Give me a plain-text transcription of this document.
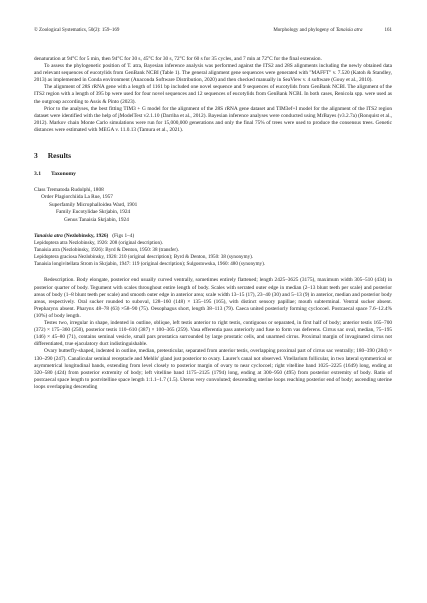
© Zoological Systematics, 50(2): 159–169	Morphology and phylogeny of Tanaisia atra	161

denaturation at 94°C for 5 min, then 94°C for 30 s, 45°C for 30 s, 72°C for 60 s for 35 cycles, and 7 min at 72°C for the final extension.

To assess the phylogenetic position of T. atra, Bayesian inference analysis was performed against the ITS2 and 28S alignments including the newly obtained data and relevant sequences of eucotylids from GenBank NCBI (Table 1). The general alignment gene sequences were generated with "MAFFT" v. 7.520 (Katoh & Standley, 2013) as implemented in Conda environment (Anaconda Software Distribution, 2020) and then checked manually in SeaView v. 4 software (Gouy et al., 2010).

The alignment of 28S rRNA gene with a length of 1161 bp included one novel sequence and 9 sequences of eucotylids from GenBank NCBI. The alignment of the ITS2 region with a length of 395 bp were used for four novel sequences and 12 sequences of eucotylids from GenBank NCBI. In both cases, Renicola spp. were used as the outgroup according to Assis & Pinto (2023).

Prior to the analyses, the best fitting TIM3 + G model for the alignment of the 28S rRNA gene dataset and TIM3ef+I model for the alignment of the ITS2 region dataset were identified with the help of jModelTest v2.1.10 (Darriba et al., 2012). Bayesian inference analyses were conducted using MrBayes (v3.2.7a) (Ronquist et al., 2012). Markov chain Monte Carlo simulations were run for 15,000,000 generations and only the final 75% of trees were used to produce the consensus trees. Genetic distances were estimated with MEGA v. 11.0.13 (Tamura et al., 2021).

3 Results
3.1 Taxonomy
Class Trematoda Rudolphi, 1808
Order Plagiorchiida La Rue, 1957
Superfamily Microphalloidea Ward, 1901
Family Eucotylidae Skrjabin, 1924
Genus Tanaisia Skrjabin, 1924
Tanaisia atra (Nezlobinsky, 1926) (Figs 1–4)
Lepidoptera atra Nezlobinsky, 1926: 208 (original description).
Tanaisia atra (Nezlobinsky, 1926): Byrd & Denton, 1950: 38 (transfer).
Lepidoptera graciosa Nezlobinsky, 1926: 210 (original description); Byrd & Denton, 1950: 38 (synonymy).
Tanaisia longivitellata Strom in Skrjabin, 1947: 119 (original description); Sulgostowska, 1960: 480 (synonymy).

Redescription. Body elongate, posterior end usually curved ventrally, sometimes entirely flattened; length 2425–3625 (3175), maximum width 305–510 (434) in posterior quarter of body. Tegument with scales throughout entire length of body. Scales with serrated outer edge in median (2–13 blunt teeth per scale) and posterior areas of body (1–8 blunt teeth per scale) and smooth outer edge in anterior area; scale width 13–15 (17), 23–40 (30) and 5–13 (9) in anterior, median and posterior body areas, respectively. Oral sucker rounded to suboval, 128–160 (148) × 135–195 (165), with distinct sensory papillae; mouth subterminal. Ventral sucker absent. Prepharynx absent. Pharynx 48–78 (63) ×58–90 (75). Oesophagus short, length 38–113 (79). Caeca united posteriorly forming cyclocoel. Postcaecal space 7.6–12.4% (10%) of body length.

Testes two, irregular in shape, indented in outline, oblique, left testis anterior to right testis, contiguous or separated, in first half of body; anterior testis 165–700 (372) × 175–360 (250), posterior testis 110–610 (387) × 100–365 (259). Vasa efferentia pass anteriorly and fuse to form vas deferens. Cirrus sac oval, median, 75–195 (146) × 45–80 (71), contains seminal vesicle, small pars prostatica surrounded by large prostatic cells, and unarmed cirrus. Proximal margin of invaginated cirrus not differentiated, true ejaculatory duct indistinguishable.

Ovary butterfly-shaped, indented in outline, median, pretesticular, separated from anterior testis, overlapping proximal part of cirrus sac ventrally; 180–390 (284) × 130–290 (247). Canalicular seminal receptacle and Mehlis' gland just posterior to ovary. Laurer's canal not observed. Vitellarium follicular, in two lateral symmetrical or asymmetrical longitudinal bands, extending from level closely to posterior margin of ovary to near cyclocoel; right vitelline band 1025–2225 (1649) long, ending at 320–580 (424) from posterior extremity of body; left vitelline band 1175–2125 (1794) long, ending at 300–950 (495) from posterior extremity of body. Ratio of postcaecal space length to postvitelline space length 1:1.1–1.7 (1.5). Uterus very convoluted; descending uterine loops reaching posterior end of body; ascending uterine loops overlapping descending
